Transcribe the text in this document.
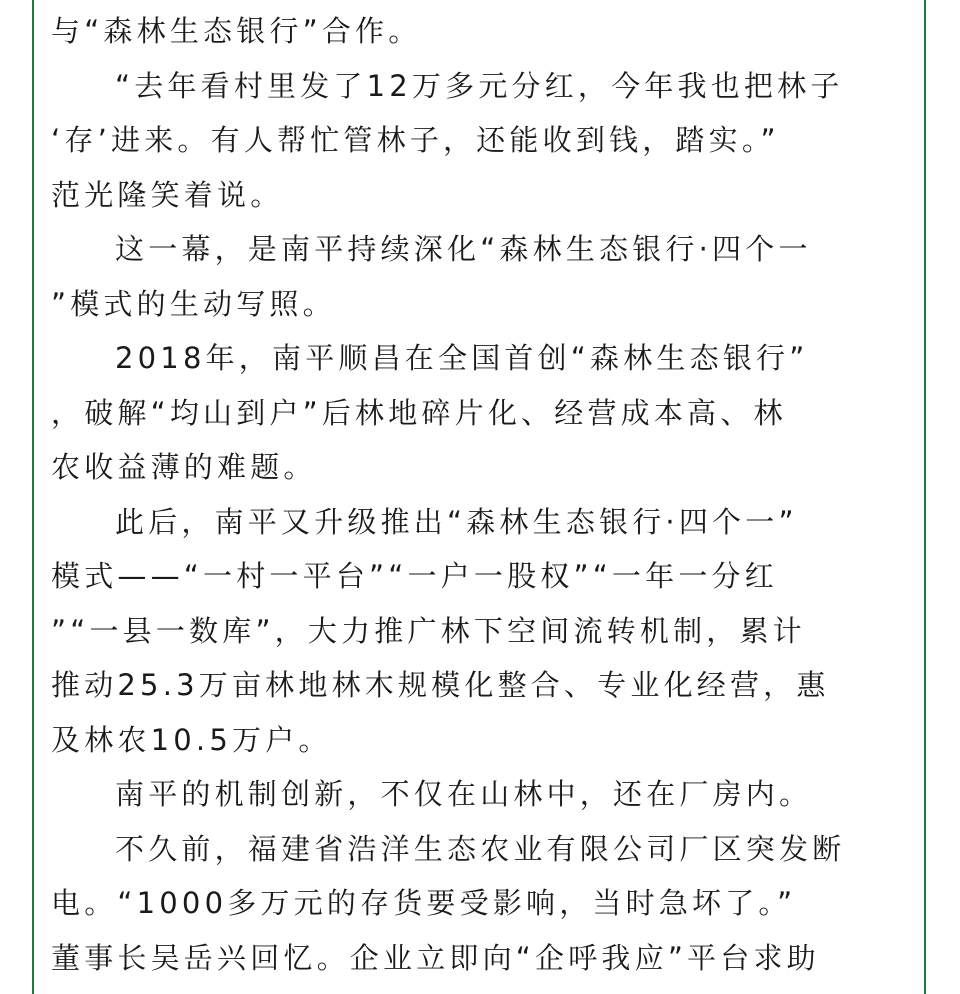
与“森林生态银行”合作。
“去年看村里发了12万多元分红，今年我也把林子
‘存’进来。有人帮忙管林子，还能收到钱，踏实。”
范光隆笑着说。
这一幕，是南平持续深化“森林生态银行·四个一
”模式的生动写照。
2018年，南平顺昌在全国首创“森林生态银行”
，破解“均山到户”后林地碎片化、经营成本高、林
农收益薄的难题。
此后，南平又升级推出“森林生态银行·四个一”
模式——“一村一平台”“一户一股权”“一年一分红
”“一县一数库”，大力推广林下空间流转机制，累计
推动25.3万亩林地林木规模化整合、专业化经营，惠
及林农10.5万户。
南平的机制创新，不仅在山林中，还在厂房内。
不久前，福建省浩洋生态农业有限公司厂区突发断
电。“1000多万元的存货要受影响，当时急坏了。”
董事长吴岳兴回忆。企业立即向“企呼我应”平台求助
